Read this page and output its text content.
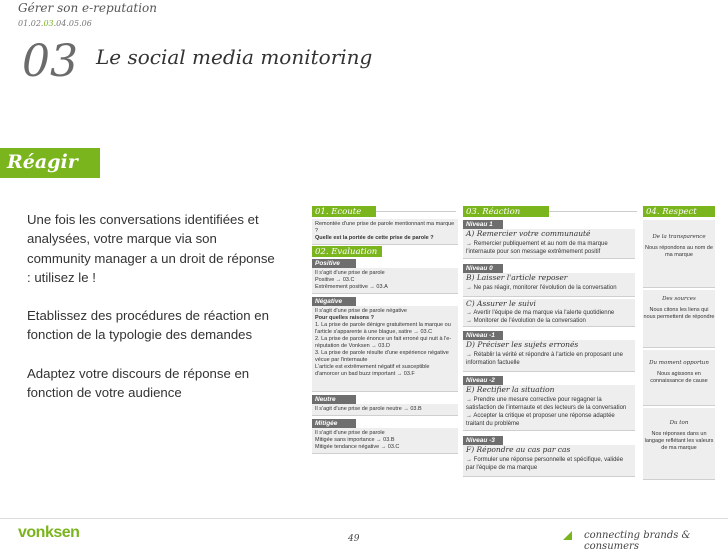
Gérer son e-reputation
01.02.03.04.05.06
03 Le social media monitoring
Réagir

Une fois les conversations identifiées et analysées, votre marque via son community manager a un droit de réponse : utilisez le !

Etablissez des procédures de réaction en fonction de la typologie des demandes

Adaptez votre discours de réponse en fonction de votre audience

01. Ecoute
02. Evaluation
03. Réaction	04. Respect

Remontée d'une prise de parole mentionnant ma marque ?

Quelle est la portée de cette prise de parole ?

Positive

Il s'agit d'une prise de parole

Positive → 03.C

Extrêmement positive → 03.A

Négative

Il s'agit d'une prise de parole négative

Pour quelles raisons ?

1. La prise de parole dénigre gratuitement la marque ou l'article s'apparente à une blague, satire → 03.C

2. La prise de parole énonce un fait erroné qui nuit à l'e-réputation de Vonksen → 03.D

3. La prise de parole résulte d'une expérience négative vécue par l'internaute

L'article est extrêmement négatif et susceptible d'amorcer un bad buzz important → 03.F

Neutre

Il s'agit d'une prise de parole neutre → 03.B

Mitigée

Il s'agit d'une prise de parole

Mitigée sans importance → 03.B

Mitigée tendance négative → 03.C

Niveau 1
A) Remercier votre communauté
→ Remercier publiquement et au nom de ma marque l'internaute pour son message extrêmement positif
Niveau 0
B) Laisser l'article reposer
→ Ne pas réagir, monitorer l'évolution de la conversation
C) Assurer le suivi
→ Avertir l'équipe de ma marque via l'alerte quotidienne
→ Monitorer de l'évolution de la conversation
Niveau -1
D) Préciser les sujets erronés
→ Rétablir la vérité et répondre à l'article en proposant une information factuelle
Niveau -2
E) Rectifier la situation
→ Prendre une mesure corrective pour regagner la satisfaction de l'internaute et des lecteurs de la conversation
→ Accepter la critique et proposer une réponse adaptée traitant du problème
Niveau -3
F) Répondre au cas par cas
→ Formuler une réponse personnelle et spécifique, validée par l'équipe de ma marque
De la transparence
Nous répondons au nom de ma marque
Des sources
Nous citons les liens qui nous permettent de répondre
Du moment opportun
Nous agissons en connaissance de cause
Du ton
Nos réponses dans un langage reflétant les valeurs de ma marque
vonksen	49	connecting brands & consumers
